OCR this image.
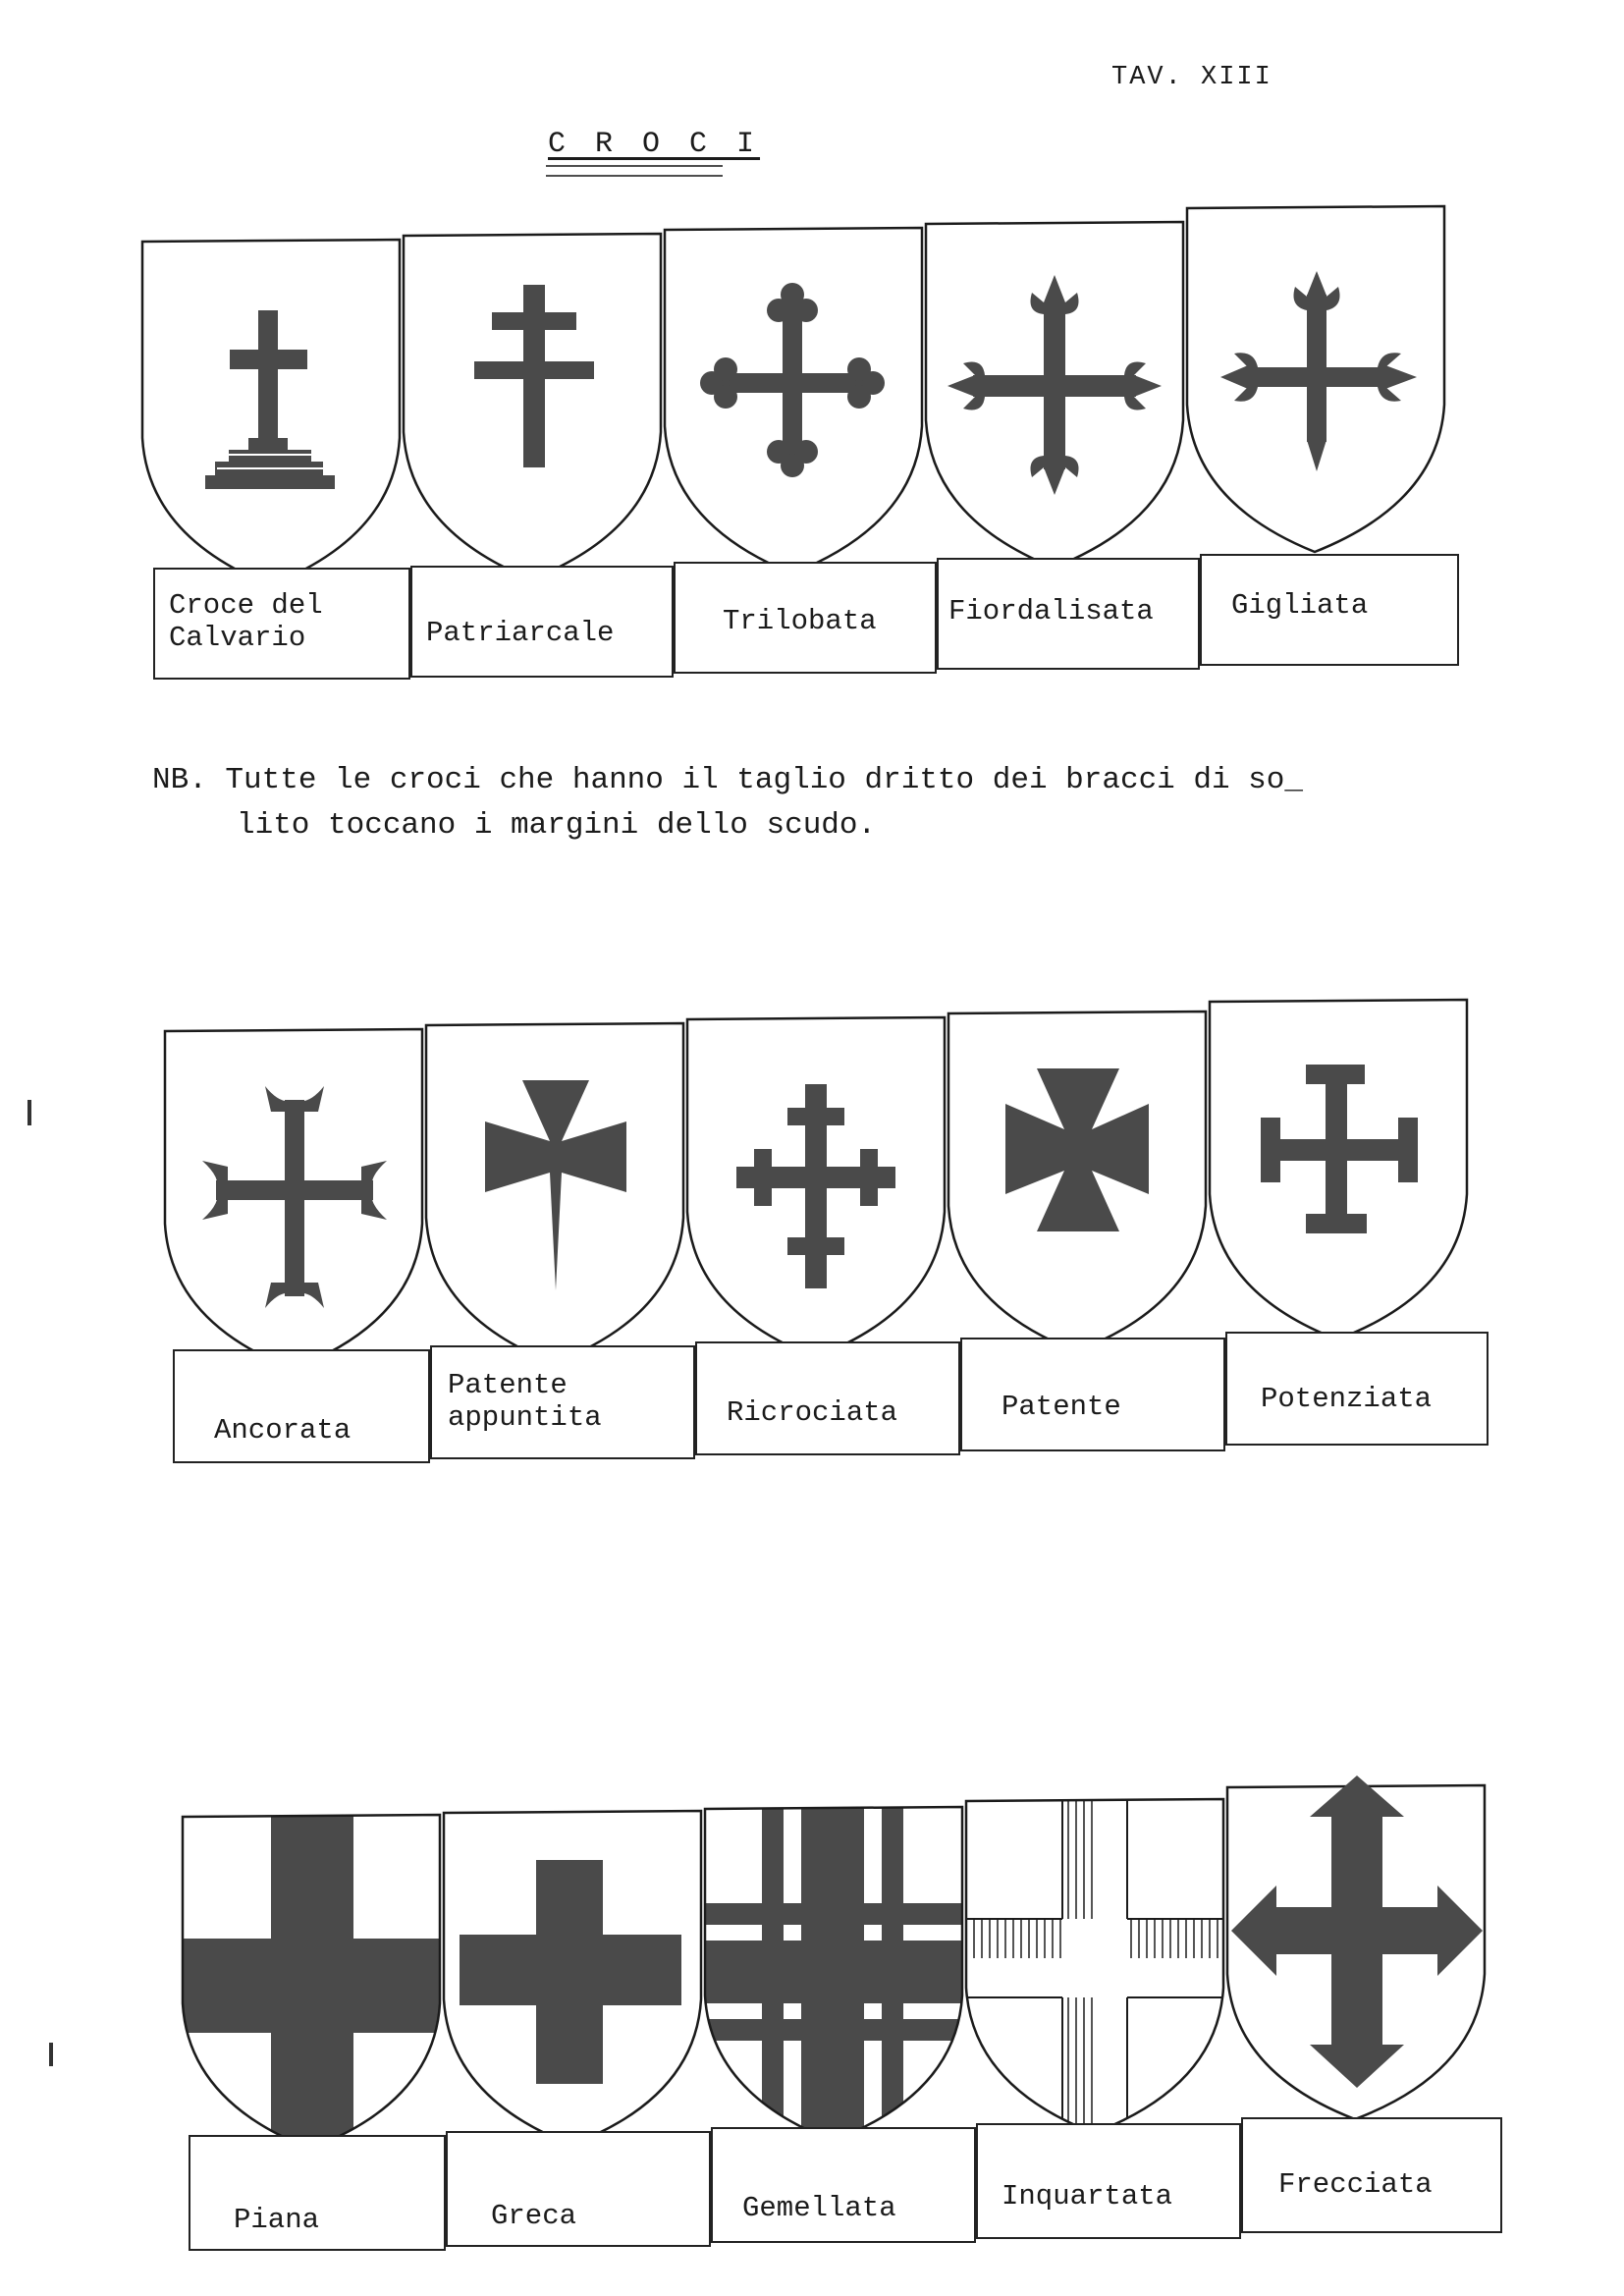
TAV. XIII
C R O C I
Croce del
Calvario	Patriarcale	Trilobata	Fiordalisata	Gigliata
NB. Tutte le croci che hanno il taglio dritto dei bracci di so_
lito toccano i margini dello scudo.
Ancorata
Patente
appuntita	Ricrociata	Patente	Potenziata
Piana	Greca	Gemellata	Inquartata	Frecciata
